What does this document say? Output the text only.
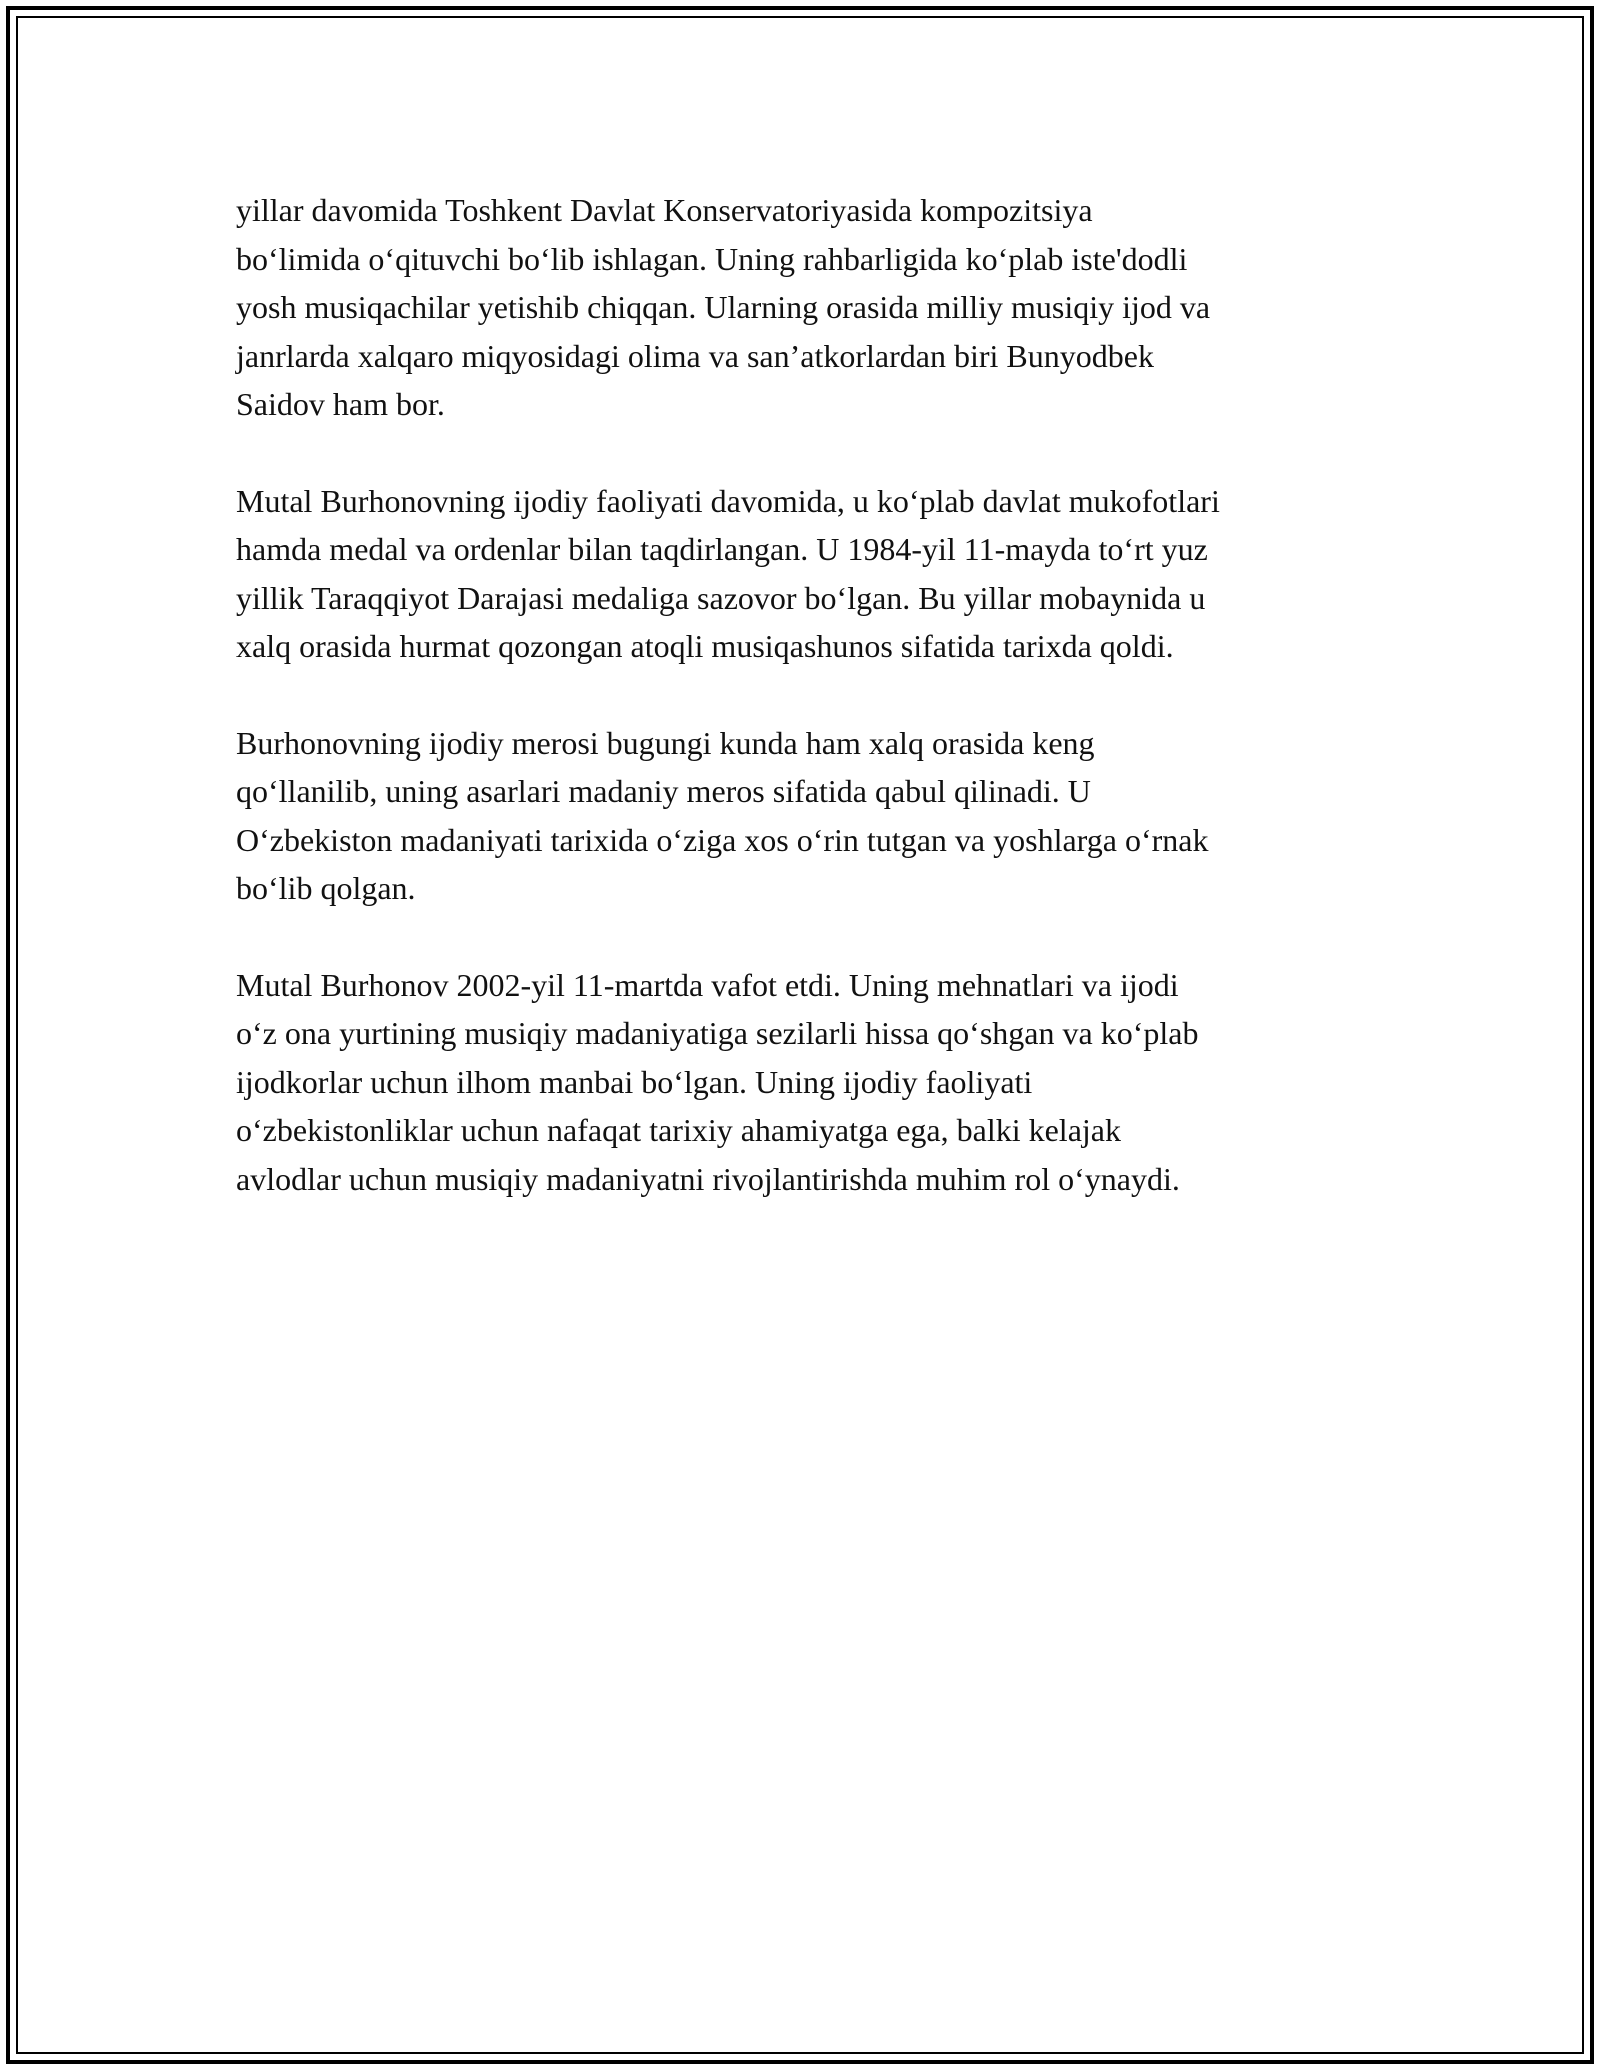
yillar davomida Toshkent Davlat Konservatoriyasida kompozitsiya
boʻlimida oʻqituvchi boʻlib ishlagan. Uning rahbarligida koʻplab iste'dodli
yosh musiqachilar yetishib chiqqan. Ularning orasida milliy musiqiy ijod va
janrlarda xalqaro miqyosidagi olima va san’atkorlardan biri Bunyodbek
Saidov ham bor.

Mutal Burhonovning ijodiy faoliyati davomida, u koʻplab davlat mukofotlari
hamda medal va ordenlar bilan taqdirlangan. U 1984-yil 11-mayda toʻrt yuz
yillik Taraqqiyot Darajasi medaliga sazovor boʻlgan. Bu yillar mobaynida u
xalq orasida hurmat qozongan atoqli musiqashunos sifatida tarixda qoldi.

Burhonovning ijodiy merosi bugungi kunda ham xalq orasida keng
qoʻllanilib, uning asarlari madaniy meros sifatida qabul qilinadi. U
Oʻzbekiston madaniyati tarixida oʻziga xos oʻrin tutgan va yoshlarga oʻrnak
boʻlib qolgan.

Mutal Burhonov 2002-yil 11-martda vafot etdi. Uning mehnatlari va ijodi
oʻz ona yurtining musiqiy madaniyatiga sezilarli hissa qoʻshgan va koʻplab
ijodkorlar uchun ilhom manbai boʻlgan. Uning ijodiy faoliyati
oʻzbekistonliklar uchun nafaqat tarixiy ahamiyatga ega, balki kelajak
avlodlar uchun musiqiy madaniyatni rivojlantirishda muhim rol oʻynaydi.
